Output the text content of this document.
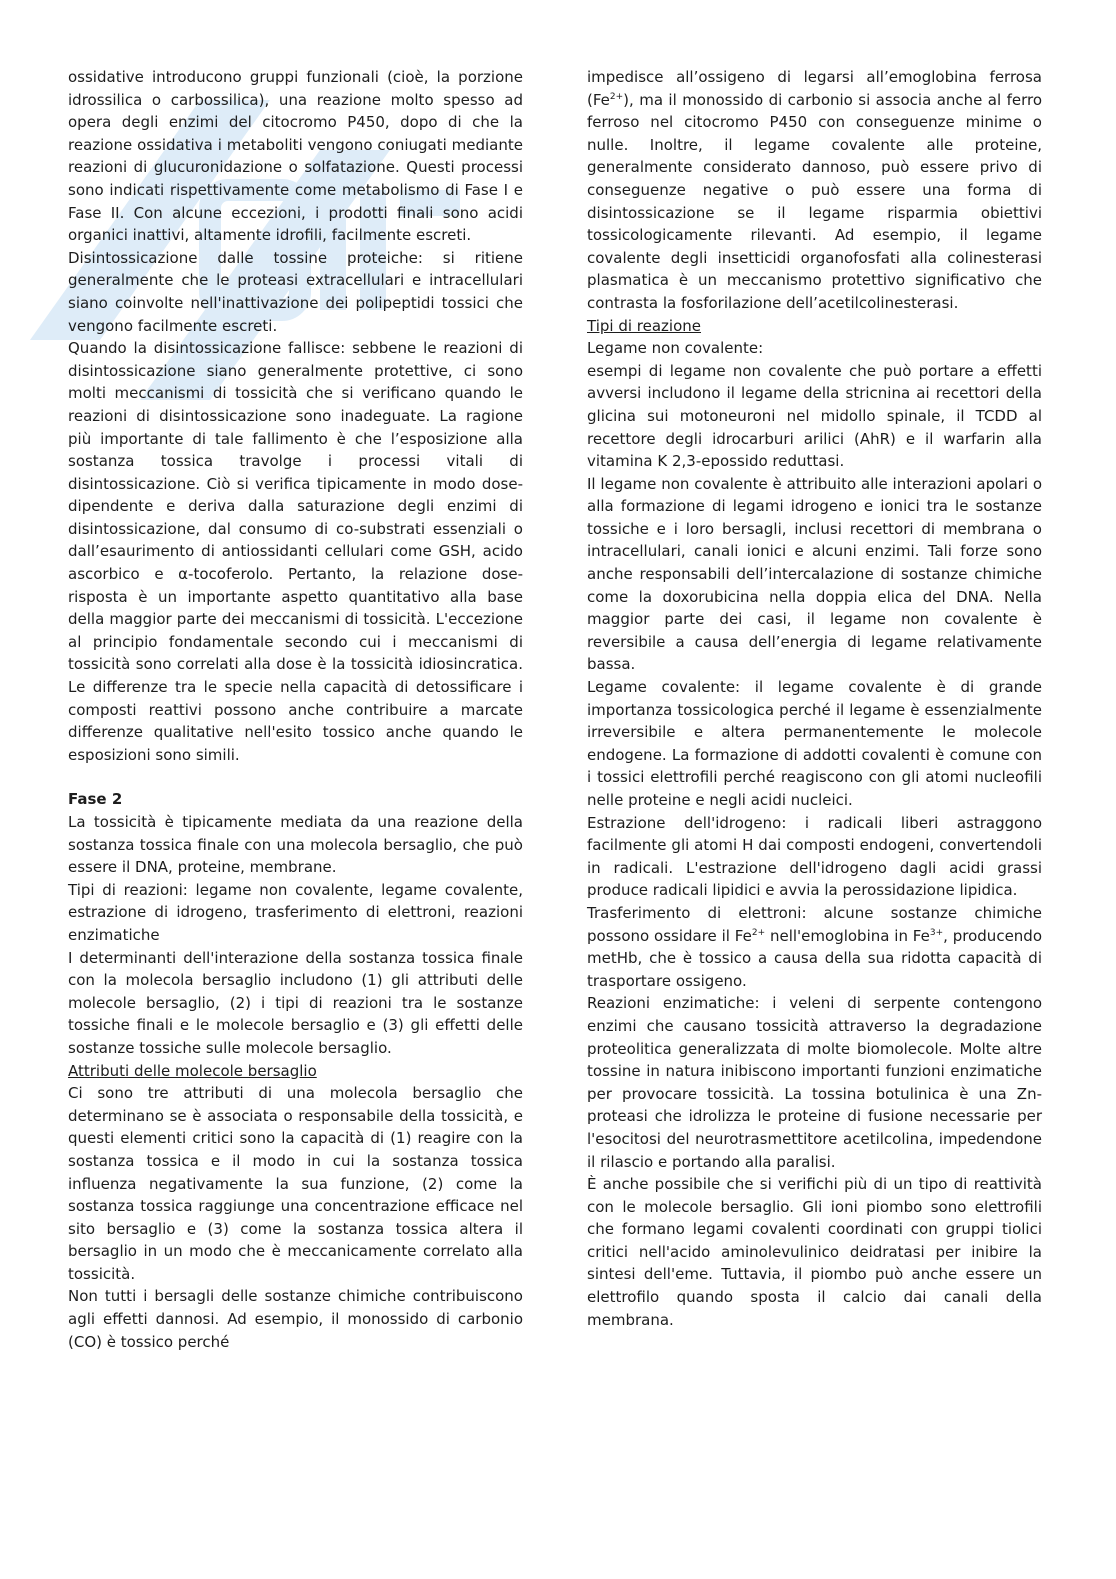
ossidative introducono gruppi funzionali (cioè, la porzione idrossilica o carbossilica), una reazione molto spesso ad opera degli enzimi del citocromo P450, dopo di che la reazione ossidativa i metaboliti vengono coniugati mediante reazioni di glucuronidazione o solfatazione. Questi processi sono indicati rispettivamente come metabolismo di Fase I e Fase II. Con alcune eccezioni, i prodotti finali sono acidi organici inattivi, altamente idrofili, facilmente escreti.

Disintossicazione dalle tossine proteiche: si ritiene generalmente che le proteasi extracellulari e intracellulari siano coinvolte nell'inattivazione dei polipeptidi tossici che vengono facilmente escreti.

Quando la disintossicazione fallisce: sebbene le reazioni di disintossicazione siano generalmente protettive, ci sono molti meccanismi di tossicità che si verificano quando le reazioni di disintossicazione sono inadeguate. La ragione più importante di tale fallimento è che l’esposizione alla sostanza tossica travolge i processi vitali di disintossicazione. Ciò si verifica tipicamente in modo dose-dipendente e deriva dalla saturazione degli enzimi di disintossicazione, dal consumo di co-substrati essenziali o dall’esaurimento di antiossidanti cellulari come GSH, acido ascorbico e α-tocoferolo. Pertanto, la relazione dose-risposta è un importante aspetto quantitativo alla base della maggior parte dei meccanismi di tossicità. L'eccezione al principio fondamentale secondo cui i meccanismi di tossicità sono correlati alla dose è la tossicità idiosincratica. Le differenze tra le specie nella capacità di detossificare i composti reattivi possono anche contribuire a marcate differenze qualitative nell'esito tossico anche quando le esposizioni sono simili.

Fase 2

La tossicità è tipicamente mediata da una reazione della sostanza tossica finale con una molecola bersaglio, che può essere il DNA, proteine, membrane.

Tipi di reazioni: legame non covalente, legame covalente, estrazione di idrogeno, trasferimento di elettroni, reazioni enzimatiche

I determinanti dell'interazione della sostanza tossica finale con la molecola bersaglio includono (1) gli attributi delle molecole bersaglio, (2) i tipi di reazioni tra le sostanze tossiche finali e le molecole bersaglio e (3) gli effetti delle sostanze tossiche sulle molecole bersaglio.

Attributi delle molecole bersaglio

Ci sono tre attributi di una molecola bersaglio che determinano se è associata o responsabile della tossicità, e questi elementi critici sono la capacità di (1) reagire con la sostanza tossica e il modo in cui la sostanza tossica influenza negativamente la sua funzione, (2) come la sostanza tossica raggiunge una concentrazione efficace nel sito bersaglio e (3) come la sostanza tossica altera il bersaglio in un modo che è meccanicamente correlato alla tossicità.

Non tutti i bersagli delle sostanze chimiche contribuiscono agli effetti dannosi. Ad esempio, il monossido di carbonio (CO) è tossico perché

impedisce all’ossigeno di legarsi all’emoglobina ferrosa $(Fe^{2+})$, ma il monossido di carbonio si associa anche al ferro ferroso nel citocromo P450 con conseguenze minime o nulle. Inoltre, il legame covalente alle proteine, generalmente considerato dannoso, può essere privo di conseguenze negative o può essere una forma di disintossicazione se il legame risparmia obiettivi tossicologicamente rilevanti. Ad esempio, il legame covalente degli insetticidi organofosfati alla colinesterasi plasmatica è un meccanismo protettivo significativo che contrasta la fosforilazione dell’acetilcolinesterasi.

Tipi di reazione

Legame non covalente:

esempi di legame non covalente che può portare a effetti avversi includono il legame della stricnina ai recettori della glicina sui motoneuroni nel midollo spinale, il TCDD al recettore degli idrocarburi arilici (AhR) e il warfarin alla vitamina K 2,3-epossido reduttasi.

Il legame non covalente è attribuito alle interazioni apolari o alla formazione di legami idrogeno e ionici tra le sostanze tossiche e i loro bersagli, inclusi recettori di membrana o intracellulari, canali ionici e alcuni enzimi. Tali forze sono anche responsabili dell’intercalazione di sostanze chimiche come la doxorubicina nella doppia elica del DNA. Nella maggior parte dei casi, il legame non covalente è reversibile a causa dell’energia di legame relativamente bassa.

Legame covalente: il legame covalente è di grande importanza tossicologica perché il legame è essenzialmente irreversibile e altera permanentemente le molecole endogene. La formazione di addotti covalenti è comune con i tossici elettrofili perché reagiscono con gli atomi nucleofili nelle proteine e negli acidi nucleici.

Estrazione dell'idrogeno: i radicali liberi astraggono facilmente gli atomi H dai composti endogeni, convertendoli in radicali. L'estrazione dell'idrogeno dagli acidi grassi produce radicali lipidici e avvia la perossidazione lipidica.

Trasferimento di elettroni: alcune sostanze chimiche possono ossidare il $Fe^{2+}$ nell'emoglobina in $Fe^{3+}$, producendo metHb, che è tossico a causa della sua ridotta capacità di trasportare ossigeno.

Reazioni enzimatiche: i veleni di serpente contengono enzimi che causano tossicità attraverso la degradazione proteolitica generalizzata di molte biomolecole. Molte altre tossine in natura inibiscono importanti funzioni enzimatiche per provocare tossicità. La tossina botulinica è una Zn-proteasi che idrolizza le proteine di fusione necessarie per l'esocitosi del neurotrasmettitore acetilcolina, impedendone il rilascio e portando alla paralisi.

È anche possibile che si verifichi più di un tipo di reattività con le molecole bersaglio. Gli ioni piombo sono elettrofili che formano legami covalenti coordinati con gruppi tiolici critici nell'acido aminolevulinico deidratasi per inibire la sintesi dell'eme. Tuttavia, il piombo può anche essere un elettrofilo quando sposta il calcio dai canali della membrana.
